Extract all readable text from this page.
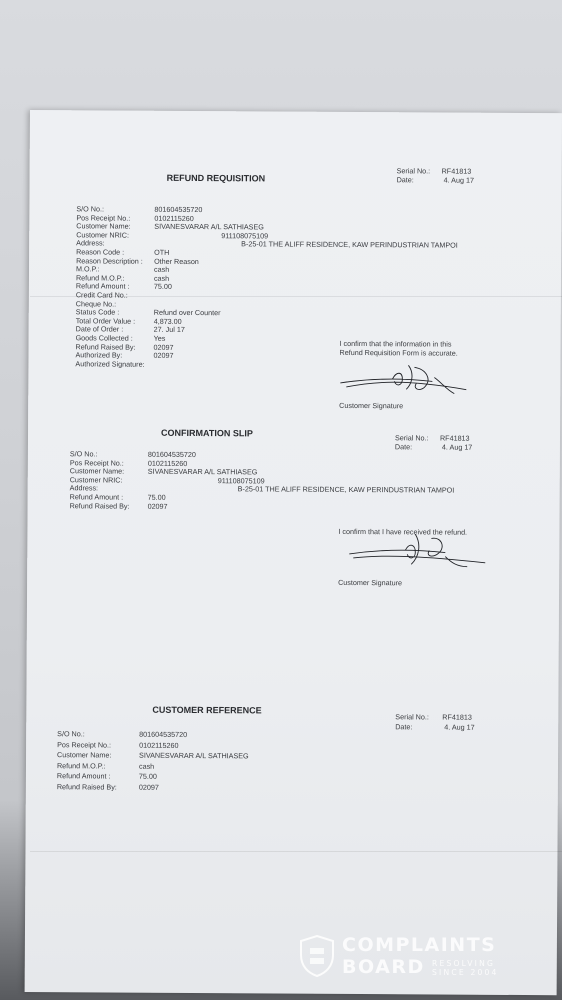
REFUND REQUISITION
Serial No.: RF41813
Date:	4. Aug 17
S/O No.:	801604535720
Pos Receipt No.:	0102115260
Customer Name:	SIVANESVARAR A/L SATHIASEG
Customer NRIC:	911108075109
Address:	B-25-01 THE ALIFF RESIDENCE, KAW PERINDUSTRIAN TAMPOI
Reason Code :	OTH
Reason Description : Other Reason
M.O.P.:	cash
Refund M.O.P.:	cash
Refund Amount :	75.00
Credit Card No.:
Cheque No.:
Status Code :	Refund over Counter
Total Order Value :	4,873.00
Date of Order :	27. Jul 17
Goods Collected :	Yes
Refund Raised By:	02097
Authorized By:	02097
Authorized Signature:
I confirm that the information in this
Refund Requisition Form is accurate.
Customer Signature
CONFIRMATION SLIP	Serial No.: RF41813
Date:	4. Aug 17
S/O No.:	801604535720
Pos Receipt No.:	0102115260
Customer Name:	SIVANESVARAR A/L SATHIASEG
Customer NRIC:	911108075109
Address:	B-25-01 THE ALIFF RESIDENCE, KAW PERINDUSTRIAN TAMPOI
Refund Amount :	75.00
Refund Raised By:	02097
I confirm that I have received the refund.
Customer Signature
CUSTOMER REFERENCE
Serial No.: RF41813
Date:	4. Aug 17
S/O No.:	801604535720
Pos Receipt No.:	0102115260
Customer Name:	SIVANESVARAR A/L SATHIASEG
Refund M.O.P.:	cash
Refund Amount :	75.00
Refund Raised By:	02097
COMPLAINTS
BOARD RESOLVING
SINCE 2004
